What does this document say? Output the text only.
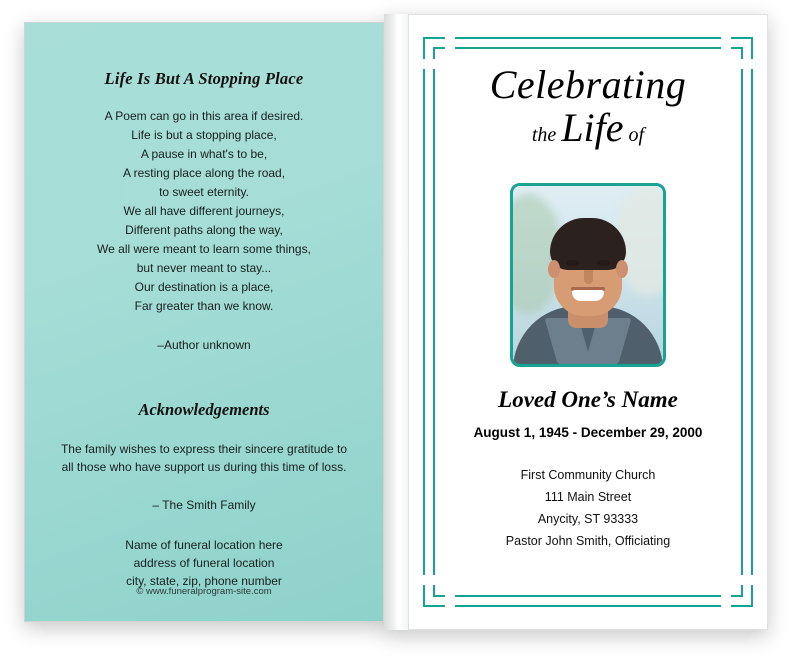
Life Is But A Stopping Place
A Poem can go in this area if desired.
Life is but a stopping place,
A pause in what's to be,
A resting place along the road,
to sweet eternity.
We all have different journeys,
Different paths along the way,
We all were meant to learn some things,
but never meant to stay...
Our destination is a place,
Far greater than we know.
–Author unknown
Acknowledgements
The family wishes to express their sincere gratitude to
all those who have support us during this time of loss.
– The Smith Family
Name of funeral location here
address of funeral location
city, state, zip, phone number
© www.funeralprogram-site.com
Celebrating
the Life of
Loved One’s Name
August 1, 1945 - December 29, 2000
First Community Church
111 Main Street
Anycity, ST 93333
Pastor John Smith, Officiating
